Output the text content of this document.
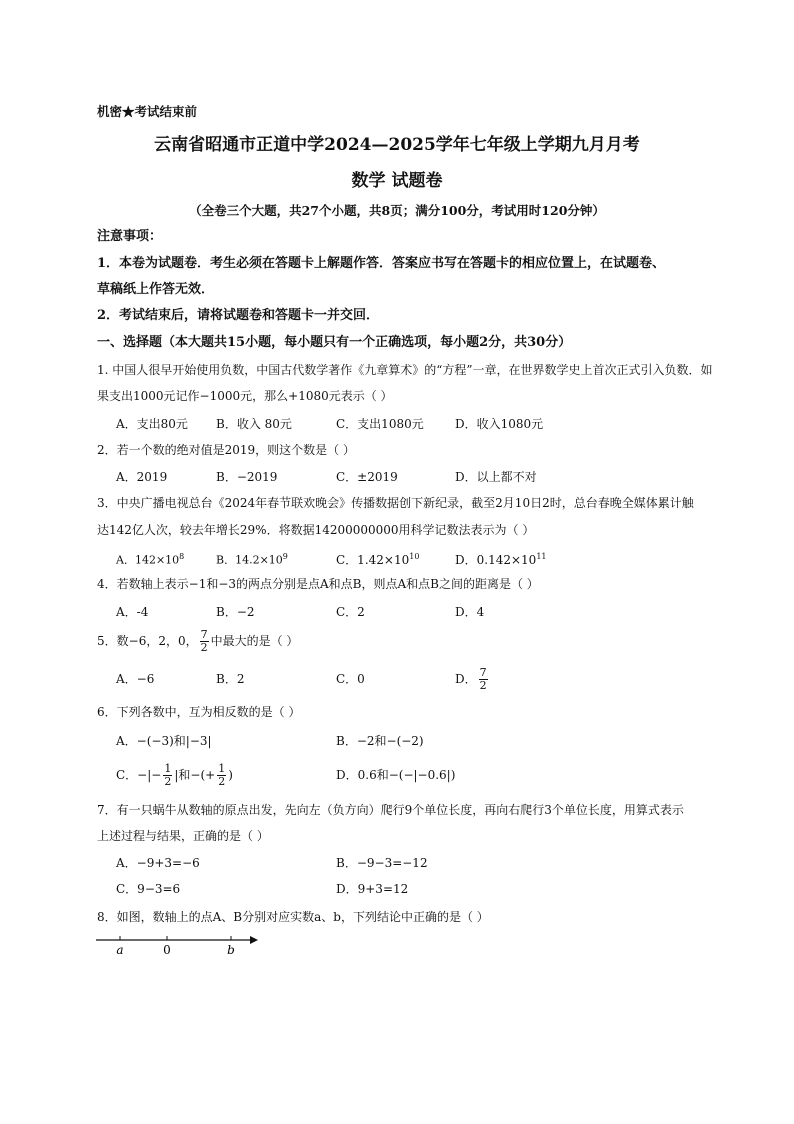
机密★考试结束前
云南省昭通市正道中学2024—2025学年七年级上学期九月月考
数学 试题卷
（全卷三个大题，共27个小题，共8页；满分100分，考试用时120分钟）
注意事项：
1．本卷为试题卷．考生必须在答题卡上解题作答．答案应书写在答题卡的相应位置上，在试题卷、
草稿纸上作答无效．
2．考试结束后，请将试题卷和答题卡一并交回．
一、选择题（本大题共15小题，每小题只有一个正确选项，每小题2分，共30分）
1. 中国人很早开始使用负数，中国古代数学著作《九章算术》的“方程”一章，在世界数学史上首次正式引入负数．如
果支出1000元记作−1000元，那么+1080元表示（ ）
A．支出80元 B．收入 80元	C．支出1080元	D．收入1080元
2．若一个数的绝对值是2019，则这个数是（ ）
A．2019	B．−2019	C．±2019	D．以上都不对
3．中央广播电视总台《2024年春节联欢晚会》传播数据创下新纪录，截至2月10日2时，总台春晚全媒体累计触
达142亿人次，较去年增长29%．将数据14200000000用科学记数法表示为（ ）
A．$142\times 10^8$	B．$14.2\times 10^9$	C．$1.42\times 10^{10}$	D．$0.142\times 10^{11}$
4．若数轴上表示−1和−3的两点分别是点A和点B，则点A和点B之间的距离是（ ）
A．-4	B．−2	C．2	D．4
5．数−6，2，0， $\frac{7}{2}$ 中最大的是（ ）
A．−6	B．2	C．0	D． $\frac{7}{2}$
6．下列各数中，互为相反数的是（ ）
A．−(−3)和|−3|	B．−2和−(−2)
C．−|− $\frac{1}{2}$ |和−(+ $\frac{1}{2}$ )	D．0.6和−(−|−0.6|)
7．有一只蜗牛从数轴的原点出发，先向左（负方向）爬行9个单位长度，再向右爬行3个单位长度，用算式表示
上述过程与结果，正确的是（ ）
A．−9+3=−6	B．−9−3=−12
C．9−3=6	D．9+3=12
8．如图，数轴上的点A、B分别对应实数a、b，下列结论中正确的是（ ）
a	0	b
